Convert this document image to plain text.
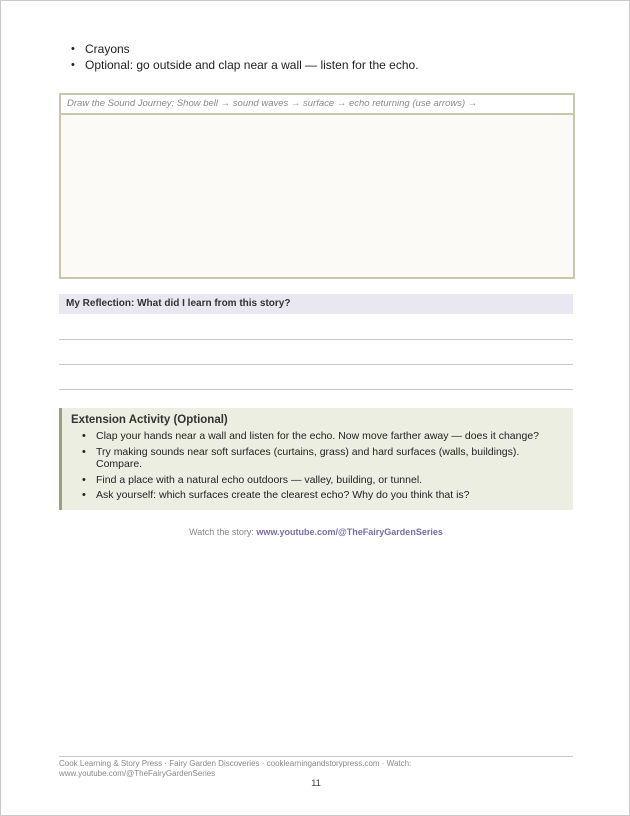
• Crayons
• Optional: go outside and clap near a wall — listen for the echo.
Draw the Sound Journey: Show bell → sound waves → surface → echo returning (use arrows) →
My Reflection: What did I learn from this story?
Extension Activity (Optional)
• Clap your hands near a wall and listen for the echo. Now move farther away — does it change?
• Try making sounds near soft surfaces (curtains, grass) and hard surfaces (walls, buildings). Compare.
• Find a place with a natural echo outdoors — valley, building, or tunnel.
• Ask yourself: which surfaces create the clearest echo? Why do you think that is?
Watch the story: www.youtube.com/@TheFairyGardenSeries
Cook Learning & Story Press · Fairy Garden Discoveries · cooklearningandstorypress.com · Watch: www.youtube.com/@TheFairyGardenSeries
11
